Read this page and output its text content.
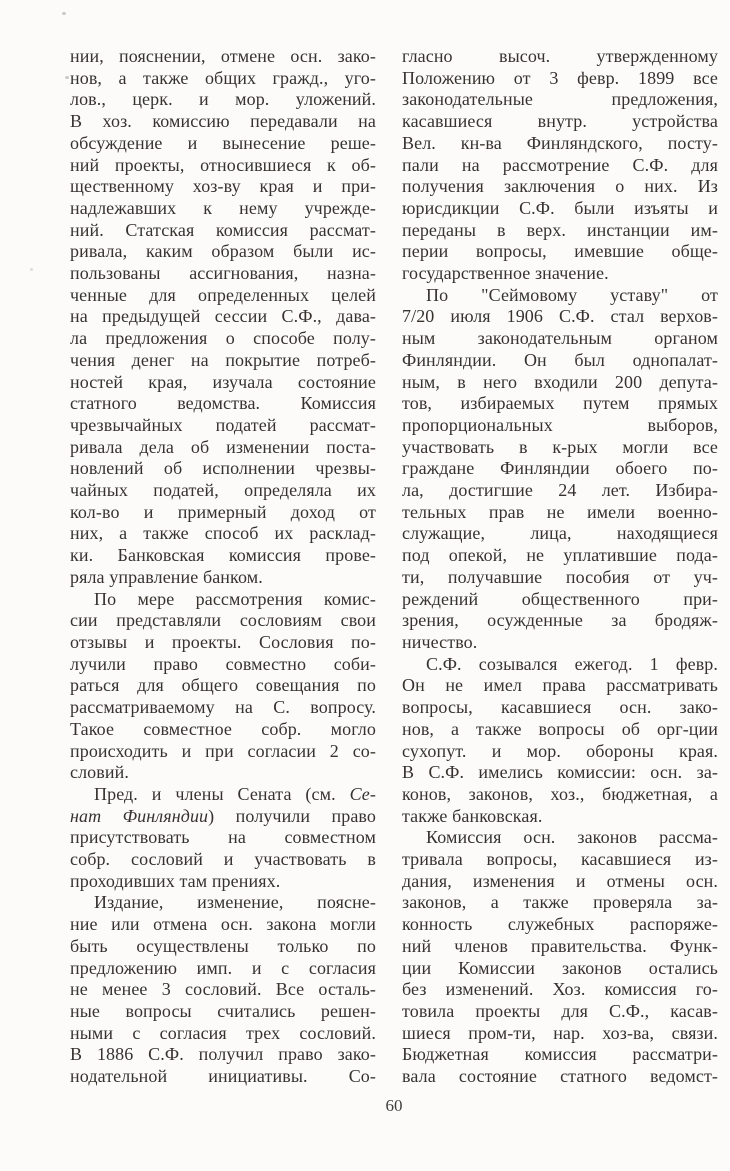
нии, пояснении, отмене осн. зако-
нов, а также общих гражд., уго-
лов., церк. и мор. уложений.
В хоз. комиссию передавали на
обсуждение и вынесение реше-
ний проекты, относившиеся к об-
щественному хоз-ву края и при-
надлежавших к нему учрежде-
ний. Статская комиссия рассмат-
ривала, каким образом были ис-
пользованы ассигнования, назна-
ченные для определенных целей
на предыдущей сессии С.Ф., дава-
ла предложения о способе полу-
чения денег на покрытие потреб-
ностей края, изучала состояние
статного ведомства. Комиссия
чрезвычайных податей рассмат-
ривала дела об изменении поста-
новлений об исполнении чрезвы-
чайных податей, определяла их
кол-во и примерный доход от
них, а также способ их расклад-
ки. Банковская комиссия прове-
ряла управление банком.
По мере рассмотрения комис-
сии представляли сословиям свои
отзывы и проекты. Сословия по-
лучили право совместно соби-
раться для общего совещания по
рассматриваемому на С. вопросу.
Такое совместное собр. могло
происходить и при согласии 2 со-
словий.
Пред. и члены Сената (см. Се-
нат Финляндии) получили право
присутствовать на совместном
собр. сословий и участвовать в
проходивших там прениях.
Издание, изменение, поясне-
ние или отмена осн. закона могли
быть осуществлены только по
предложению имп. и с согласия
не менее 3 сословий. Все осталь-
ные вопросы считались решен-
ными с согласия трех сословий.
В 1886 С.Ф. получил право зако-
нодательной инициативы. Со-
гласно высоч. утвержденному
Положению от 3 февр. 1899 все
законодательные предложения,
касавшиеся внутр. устройства
Вел. кн-ва Финляндского, посту-
пали на рассмотрение С.Ф. для
получения заключения о них. Из
юрисдикции С.Ф. были изъяты и
переданы в верх. инстанции им-
перии вопросы, имевшие обще-
государственное значение.
По "Сеймовому уставу" от
7/20 июля 1906 С.Ф. стал верхов-
ным законодательным органом
Финляндии. Он был однопалат-
ным, в него входили 200 депута-
тов, избираемых путем прямых
пропорциональных выборов,
участвовать в к-рых могли все
граждане Финляндии обоего по-
ла, достигшие 24 лет. Избира-
тельных прав не имели военно-
служащие, лица, находящиеся
под опекой, не уплатившие пода-
ти, получавшие пособия от уч-
реждений общественного при-
зрения, осужденные за бродяж-
ничество.
С.Ф. созывался ежегод. 1 февр.
Он не имел права рассматривать
вопросы, касавшиеся осн. зако-
нов, а также вопросы об орг-ции
сухопут. и мор. обороны края.
В С.Ф. имелись комиссии: осн. за-
конов, законов, хоз., бюджетная, а
также банковская.
Комиссия осн. законов рассма-
тривала вопросы, касавшиеся из-
дания, изменения и отмены осн.
законов, а также проверяла за-
конность служебных распоряже-
ний членов правительства. Функ-
ции Комиссии законов остались
без изменений. Хоз. комиссия го-
товила проекты для С.Ф., касав-
шиеся пром-ти, нар. хоз-ва, связи.
Бюджетная комиссия рассматри-
вала состояние статного ведомст-
60
